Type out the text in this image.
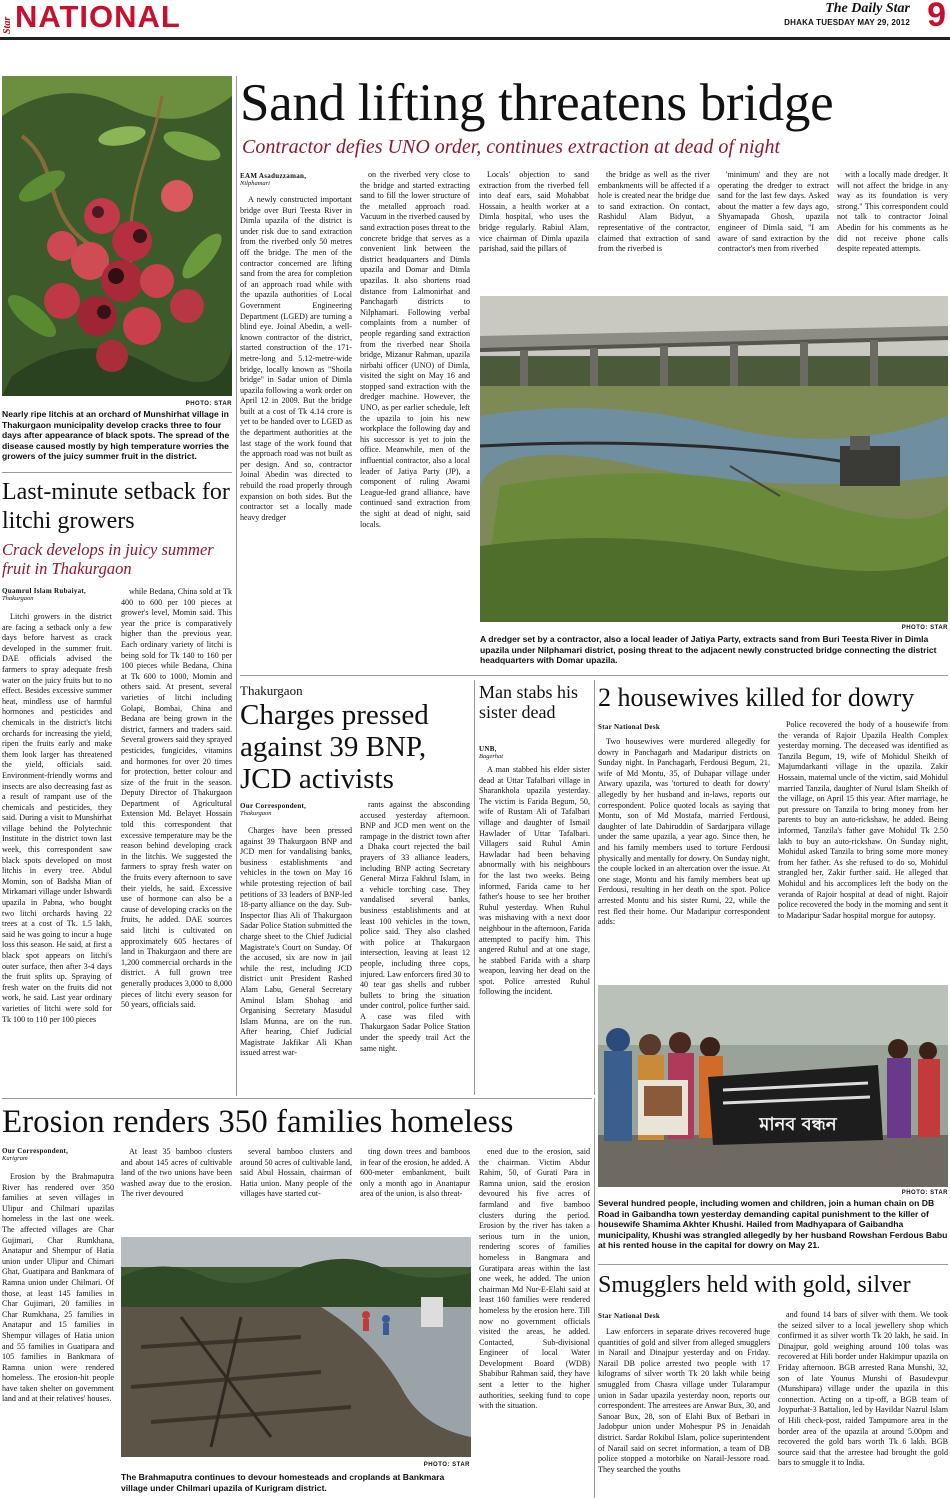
Star NATIONAL	The Daily Star
DHAKA TUESDAY MAY 29, 2012 9
PHOTO: STAR
Nearly ripe litchis at an orchard of Munshirhat village in Thakurgaon municipality develop cracks three to four days after appearance of black spots. The spread of the disease caused mostly by high temperature worries the growers of the juicy summer fruit in the district.
Last-minute setback for litchi growers
Crack develops in juicy summer fruit in Thakurgaon
Quamrul Islam Rubaiyat,
Thakurgaon

Litchi growers in the district are facing a setback only a few days before harvest as crack developed in the summer fruit. DAE officials advised the farmers to spray adequate fresh water on the juicy fruits but to no effect. Besides excessive summer heat, mindless use of harmful hormones and pesticides and chemicals in the district's litchi orchards for increasing the yield, ripen the fruits early and make them look larger has threatened the yield, officials said. Environment-friendly worms and insects are also decreasing fast as a result of rampant use of the chemicals and pesticides, they said. During a visit to Munshirhat village behind the Polytechnic Institute in the district town last week, this correspondent saw black spots developed on most litchis in every tree. Abdul Momin, son of Badsha Mian of Mirkamari village under Ishwardi upazila in Pabna, who bought two litchi orchards having 22 trees at a cost of Tk. 1.5 lakh, said he was going to incur a huge loss this season. He said, at first a black spot appears on litchi's outer surface, then after 3-4 days the fruit splits up. Spraying of fresh water on the fruits did not work, he said. Last year ordinary varieties of litchi were sold for Tk 100 to 110 per 100 pieces

while Bedana, China sold at Tk 400 to 600 per 100 pieces at grower's level, Momin said. This year the price is comparatively higher than the previous year. Each ordinary variety of litchi is being sold for Tk 140 to 160 per 100 pieces while Bedana, China at Tk 600 to 1000, Momin and others said. At present, several varieties of litchi including Golapi, Bombai, China and Bedana are being grown in the district, farmers and traders said. Several growers said they sprayed pesticides, fungicides, vitamins and hormones for over 20 times for protection, better colour and size of the fruit in the season. Deputy Director of Thakurgaon Department of Agricultural Extension Md. Belayet Hossain told this correspondent that excessive temperature may be the reason behind developing crack in the litchis. We suggested the farmers to spray fresh water on the fruits every afternoon to save their yields, he said. Excessive use of hormone can also be a cause of developing cracks on the fruits, he added. DAE sources said litchi is cultivated on approximately 605 hectares of land in Thakurgaon and there are 1,200 commercial orchards in the district. A full grown tree generally produces 3,000 to 8,000 pieces of litchi every season for 50 years, officials said.

Sand lifting threatens bridge
Contractor defies UNO order, continues extraction at dead of night
EAM Asaduzzaman,
Nilphamari

A newly constructed important bridge over Buri Teesta River in Dimla upazila of the district is under risk due to sand extraction from the riverbed only 50 metres off the bridge. The men of the contractor concerned are lifting sand from the area for completion of an approach road while with the upazila authorities of Local Government Engineering Department (LGED) are turning a blind eye. Joinal Abedin, a well-known contractor of the district, started construction of the 171-metre-long and 5.12-metre-wide bridge, locally known as "Shoila bridge" in Sadar union of Dimla upazila following a work order on April 12 in 2009. But the bridge built at a cost of Tk 4.14 crore is yet to be handed over to LGED as the department authorities at the last stage of the work found that the approach road was not built as per design. And so, contractor Joinal Abedin was directed to rebuild the road properly through expansion on both sides. But the contractor set a locally made heavy dredger

on the riverbed very close to the bridge and started extracting sand to fill the lower structure of the metalled approach road. Vacuum in the riverbed caused by sand extraction poses threat to the concrete bridge that serves as a convenient link between the district headquarters and Dimla upazila and Domar and Dimla upazilas. It also shortens road distance from Lalmonirhat and Panchagarh districts to Nilphamari. Following verbal complaints from a number of people regarding sand extraction from the riverbed near Shoila bridge, Mizanur Rahman, upazila nirbahi officer (UNO) of Dimla, visited the sight on May 16 and stopped sand extraction with the dredger machine. However, the UNO, as per earlier schedule, left the upazila to join his new workplace the following day and his successor is yet to join the office. Meanwhile, men of the influential contractor, also a local leader of Jatiya Party (JP), a component of ruling Awami League-led grand alliance, have continued sand extraction from the sight at dead of night, said locals.

Locals' objection to sand extraction from the riverbed fell into deaf ears, said Mohabbat Hossain, a health worker at a Dimla hospital, who uses the bridge regularly. Rabiul Alam, vice chairman of Dimla upazila parishad, said the pillars of

the bridge as well as the river embankments will be affected if a hole is created near the bridge due to sand extraction. On contact, Rashidul Alam Bidyut, a representative of the contractor, claimed that extraction of sand from the riverbed is

'minimum' and they are not operating the dredger to extract sand for the last few days. Asked about the matter a few days ago, Shyamapada Ghosh, upazila engineer of Dimla said, "I am aware of sand extraction by the contractor's men from riverbed

with a locally made dredger. It will not affect the bridge in any way as its foundation is very strong." This correspondent could not talk to contractor Joinal Abedin for his comments as he did not receive phone calls despite repeated attempts.

PHOTO: STAR
A dredger set by a contractor, also a local leader of Jatiya Party, extracts sand from Buri Teesta River in Dimla upazila under Nilphamari district, posing threat to the adjacent newly constructed bridge connecting the district headquarters with Domar upazila.
Thakurgaon
Charges pressed against 39 BNP, JCD activists
Our Correspondent,
Thakurgaon

Charges have been pressed against 39 Thakurgaon BNP and JCD men for vandalising banks, business establishments and vehicles in the town on May 16 while protesting rejection of bail petitions of 33 leaders of BNP-led 18-party alliance on the day. Sub-Inspector Ilias Ali of Thakurgaon Sadar Police Station submitted the charge sheet to the Chief Judicial Magistrate's Court on Sunday. Of the accused, six are now in jail while the rest, including JCD district unit President Rashed Alam Labu, General Secretary Aminul Islam Shohag and Organising Secretary Masudul Islam Munna, are on the run. After hearing, Chief Judicial Magistrate Jakfikar Ali Khan issued arrest war-

rants against the absconding accused yesterday afternoon. BNP and JCD men went on the rampage in the district town after a Dhaka court rejected the bail prayers of 33 alliance leaders, including BNP acting Secretary General Mirza Fakhrul Islam, in a vehicle torching case. They vandalised several banks, business establishments and at least 100 vehicles in the town, police said. They also clashed with police at Thakurgaon intersection, leaving at least 12 people, including three cops, injured. Law enforcers fired 30 to 40 tear gas shells and rubber bullets to bring the situation under control, police further said. A case was filed with Thakurgaon Sadar Police Station under the speedy trail Act the same night.

Man stabs his sister dead
UNB,
Bagerhat

A man stabbed his elder sister dead at Uttar Tafalbari village in Sharankhola upazila yesterday. The victim is Farida Begum, 50, wife of Rustam Ali of Tafalbari village and daughter of Ismail Hawlader of Uttar Tafalbari. Villagers said Ruhul Amin Hawladar had been behaving abnormally with his neighbours for the last two weeks. Being informed, Farida came to her father's house to see her brother Ruhul yesterday. When Ruhul was mishaving with a next door neighbour in the afternoon, Farida attempted to pacify him. This angered Ruhul and at one stage, he stabbed Farida with a sharp weapon, leaving her dead on the spot. Police arrested Ruhul following the incident.

2 housewives killed for dowry
Star National Desk

Two housewives were murdered allegedly for dowry in Panchagarh and Madaripur districts on Sunday night. In Panchagarh, Ferdousi Begum, 21, wife of Md Montu, 35, of Duhapar village under Atwary upazila, was 'tortured to death for dowry' allegedly by her husband and in-laws, reports our correspondent. Police quoted locals as saying that Montu, son of Md Mostafa, married Ferdousi, daughter of late Dabiruddin of Sardarjpara village under the same upazila, a year ago. Since then, he and his family members used to torture Ferdousi physically and mentally for dowry. On Sunday night, the couple locked in an altercation over the issue. At one stage, Montu and his family members beat up Ferdousi, resulting in her death on the spot. Police arrested Montu and his sister Rumi, 22, while the rest fled their home. Our Madaripur correspondent adds:

Police recovered the body of a housewife from the veranda of Rajoir Upazila Health Complex yesterday morning. The deceased was identified as Tanzila Begum, 19, wife of Mohidul Sheikh of Majumdarkanti village in the upazila. Zakir Hossain, maternal uncle of the victim, said Mohidul married Tanzila, daughter of Nurul Islam Sheikh of the village, on April 15 this year. After marriage, he put pressure on Tanzila to bring money from her parents to buy an auto-rickshaw, he added. Being informed, Tanzila's father gave Mohidul Tk 2.50 lakh to buy an auto-rickshaw. On Sunday night, Mohidul asked Tanzila to bring some more money from her father. As she refused to do so, Mohidul strangled her, Zakir further said. He alleged that Mohidul and his accomplices left the body on the veranda of Rajoir hospital at dead of night. Rajoir police recovered the body in the morning and sent it to Madaripur Sadar hospital morgue for autopsy.

মানব বন্ধন
PHOTO: STAR
Several hundred people, including women and children, join a human chain on DB Road in Gaibandha town yesterday demanding capital punishment to the killer of housewife Shamima Akhter Khushi. Hailed from Madhyapara of Gaibandha municipality, Khushi was strangled allegedly by her husband Rowshan Ferdous Babu at his rented house in the capital for dowry on May 21.
Erosion renders 350 families homeless
Our Correspondent,
Kurigram

Erosion by the Brahmaputra River has rendered over 350 families at seven villages in Ulipur and Chilmari upazilas homeless in the last one week. The affected villages are Char Gujimari, Char Rumkhana, Anatapur and Shempur of Hatia union under Ulipur and Chimari Ghat, Guatipara and Bankmara of Ramna union under Chilmari. Of those, at least 145 families in Char Gujimari, 20 families in Char Rumkhana, 25 families in Anatapur and 15 families in Shempur villages of Hatia union and 55 families in Guatipara and 105 families in Bankmara of Ramna union were rendered homeless. The erosion-hit people have taken shelter on government land and at their relatives' houses.

At least 35 bamboo clusters and about 145 acres of cultivable land of the two unions have been washed away due to the erosion. The river devoured

several bamboo clusters and around 50 acres of cultivable land, said Abul Hossain, chairman of Hatia union. Many people of the villages have started cut-

ting down trees and bamboos in fear of the erosion, he added. A 600-meter embankment, built only a month ago in Anantapur area of the union, is also threat-

ened due to the erosion, said the chairman. Victim Abdur Rahim, 50, of Gurati Para in Ramna union, said the erosion devoured his five acres of farmland and five bamboo clusters during the period. Erosion by the river has taken a serious turn in the union, rendering scores of families homeless in Bangmara and Guratipara areas within the last one week, he added. The union chairman Md Nur-E-Elahi said at least 160 families were rendered homeless by the erosion here. Till now no government officials visited the areas, he added. Contacted, Sub-divisional Engineer of local Water Development Board (WDB) Shabibur Rahman said, they have sent a letter to the higher authorities, seeking fund to cope with the situation.

PHOTO: STAR
The Brahmaputra continues to devour homesteads and croplands at Bankmara village under Chilmari upazila of Kurigram district.
Smugglers held with gold, silver
Star National Desk

Law enforcers in separate drives recovered huge quantities of gold and silver from alleged smugglers in Narail and Dinajpur yesterday and on Friday. Narail DB police arrested two people with 17 kilograms of silver worth Tk 20 lakh while being smuggled from Chasra village under Tularampur union in Sadar upazila yesterday noon, reports our correspondent. The arrestees are Anwar Bux, 30, and Sanoar Bux, 28, son of Elahi Bux of Betbari in Jadobpur union under Mohespur PS in Jenaidah district. Sardar Rokibul Islam, police superintendent of Narail said on secret information, a team of DB police stopped a motorbike on Narail-Jessore road. They searched the youths

and found 14 bars of silver with them. We took the seized silver to a local jewellery shop which confirmed it as silver worth Tk 20 lakh, he said. In Dinajpur, gold weighing around 100 tolas was recovered at Hili border under Hakimpur upazila on Friday afternoon. BGB arrested Rana Munshi, 32, son of late Younus Munshi of Basudevpur (Munshipara) village under the upazila in this connection. Acting on a tip-off, a BGB team of Joypurhat-3 Battalion, led by Havildar Nazrul Islam of Hili check-post, raided Tampumore area in the border area of the upazila at around 5.00pm and recovered the gold bars worth Tk 6 lakh. BGB source said that the arrestee had brought the gold bars to smuggle it to India.
